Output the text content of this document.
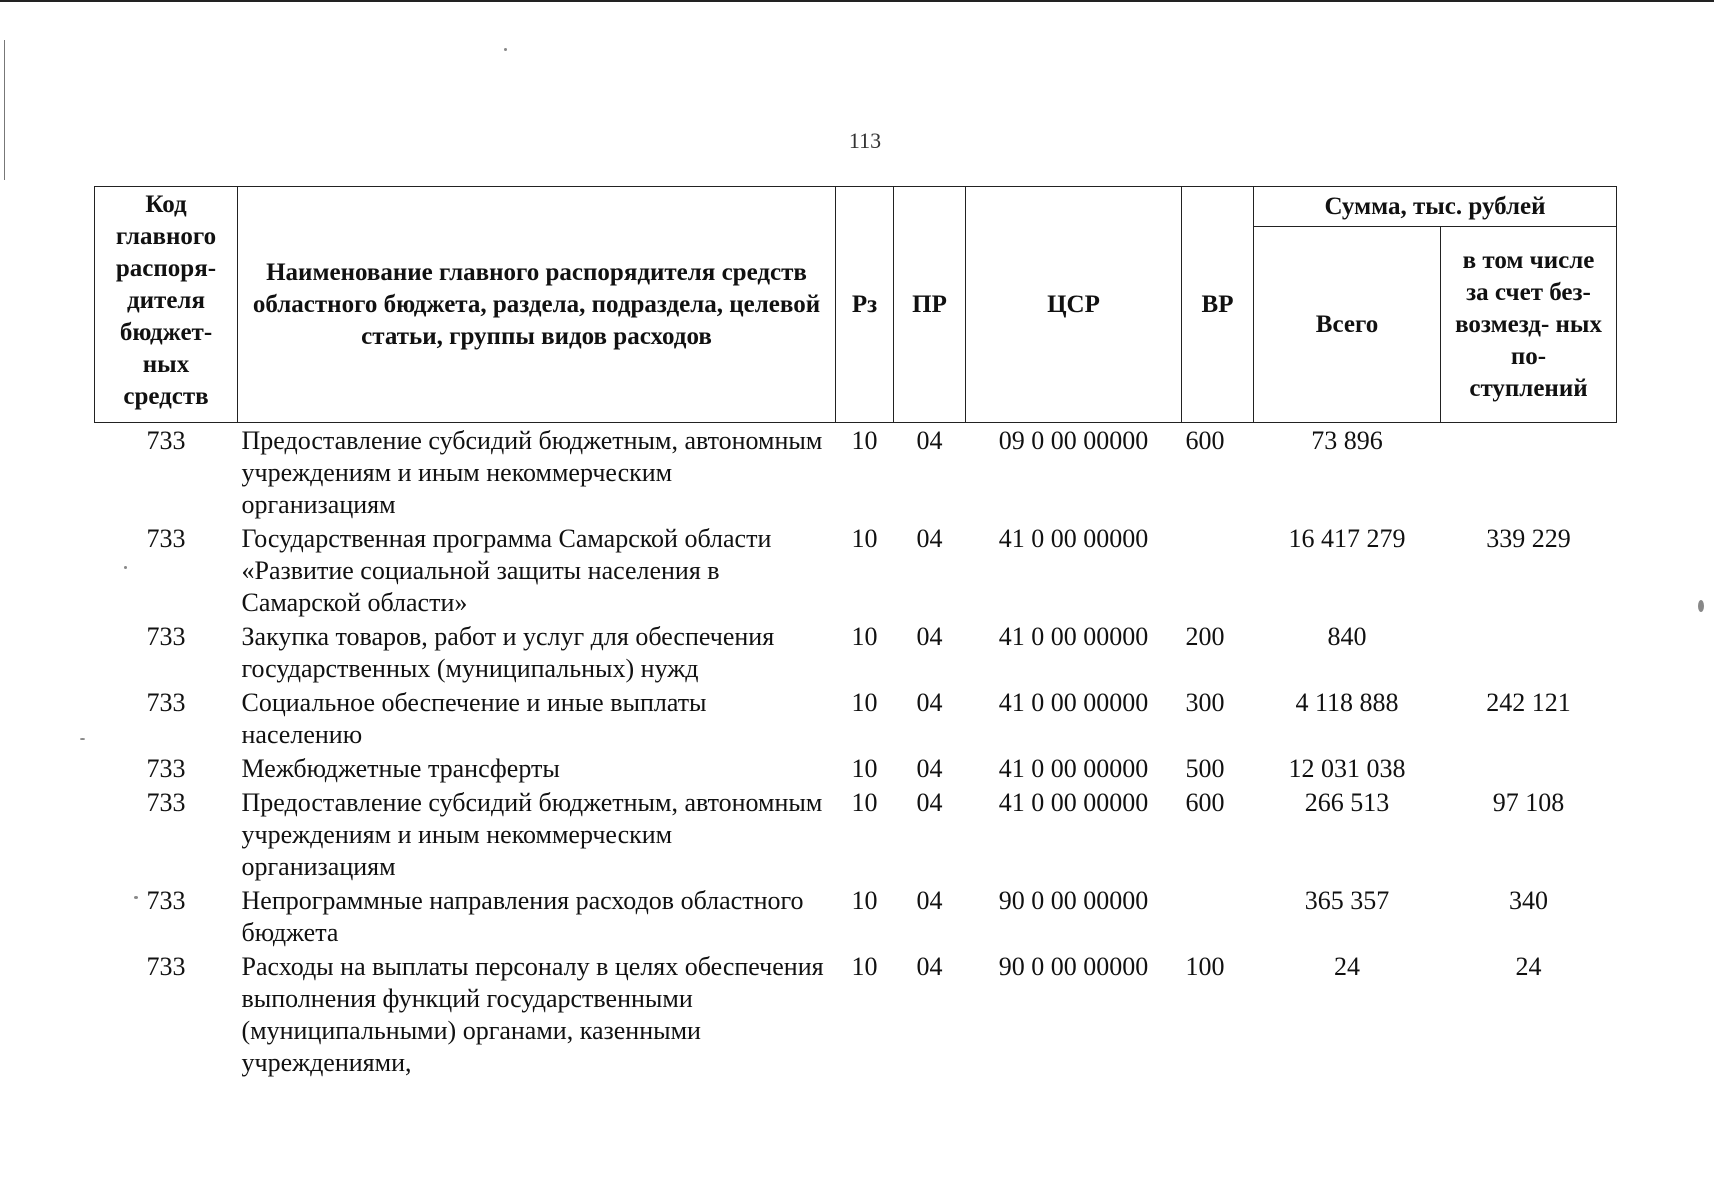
113
Код главного распоря- дителя бюджет- ных средств	Наименование главного распорядителя средств областного бюджета, раздела, подраздела, целевой статьи, группы видов расходов	Рз	ПР	ЦСР	ВР	Сумма, тыс. рублей	
						Всего	в том числе за счет без- возмезд- ных по- ступлений
733	Предоставление субсидий бюджетным, автономным учреждениям и иным некоммерческим организациям	10	04	09 0 00 00000	600	73 896	
733	Государственная программа Самарской области «Развитие социальной защиты населения в Самарской области»	10	04	41 0 00 00000		16 417 279	339 229
733	Закупка товаров, работ и услуг для обеспечения государственных (муниципальных) нужд	10	04	41 0 00 00000	200	840	
733	Социальное обеспечение и иные выплаты населению	10	04	41 0 00 00000	300	4 118 888	242 121
733	Межбюджетные трансферты	10	04	41 0 00 00000	500	12 031 038	
733	Предоставление субсидий бюджетным, автономным учреждениям и иным некоммерческим организациям	10	04	41 0 00 00000	600	266 513	97 108
733	Непрограммные направления расходов областного бюджета	10	04	90 0 00 00000		365 357	340
733	Расходы на выплаты персоналу в целях обеспечения выполнения функций государственными (муниципальными) органами, казенными учреждениями,	10	04	90 0 00 00000	100	24	24
